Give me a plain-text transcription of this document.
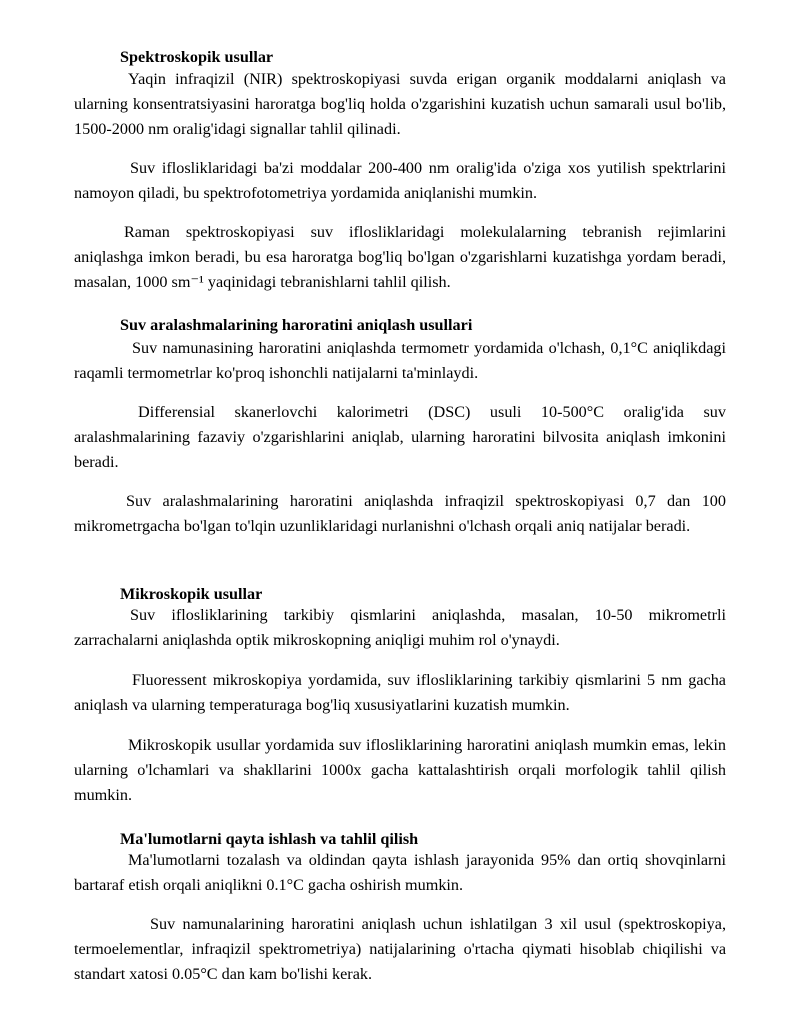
Spektroskopik usullar
Yaqin infraqizil (NIR) spektroskopiyasi suvda erigan organik moddalarni aniqlash va ularning konsentratsiyasini haroratga bog'liq holda o'zgarishini kuzatish uchun samarali usul bo'lib, 1500-2000 nm oralig'idagi signallar tahlil qilinadi.
Suv iflosliklaridagi ba'zi moddalar 200-400 nm oralig'ida o'ziga xos yutilish spektrlarini namoyon qiladi, bu spektrofotometriya yordamida aniqlanishi mumkin.
Raman spektroskopiyasi suv iflosliklaridagi molekulalarning tebranish rejimlarini aniqlashga imkon beradi, bu esa haroratga bog'liq bo'lgan o'zgarishlarni kuzatishga yordam beradi, masalan, 1000 sm⁻¹ yaqinidagi tebranishlarni tahlil qilish.
Suv aralashmalarining haroratini aniqlash usullari
Suv namunasining haroratini aniqlashda termometr yordamida o'lchash, 0,1°C aniqlikdagi raqamli termometrlar ko'proq ishonchli natijalarni ta'minlaydi.
Differensial skanerlovchi kalorimetri (DSC) usuli 10-500°C oralig'ida suv aralashmalarining fazaviy o'zgarishlarini aniqlab, ularning haroratini bilvosita aniqlash imkonini beradi.
Suv aralashmalarining haroratini aniqlashda infraqizil spektroskopiyasi 0,7 dan 100 mikrometrgacha bo'lgan to'lqin uzunliklaridagi nurlanishni o'lchash orqali aniq natijalar beradi.
Mikroskopik usullar
Suv iflosliklarining tarkibiy qismlarini aniqlashda, masalan, 10-50 mikrometrli zarrachalarni aniqlashda optik mikroskopning aniqligi muhim rol o'ynaydi.
Fluoressent mikroskopiya yordamida, suv iflosliklarining tarkibiy qismlarini 5 nm gacha aniqlash va ularning temperaturaga bog'liq xususiyatlarini kuzatish mumkin.
Mikroskopik usullar yordamida suv iflosliklarining haroratini aniqlash mumkin emas, lekin ularning o'lchamlari va shakllarini 1000x gacha kattalashtirish orqali morfologik tahlil qilish mumkin.
Ma'lumotlarni qayta ishlash va tahlil qilish
Ma'lumotlarni tozalash va oldindan qayta ishlash jarayonida 95% dan ortiq shovqinlarni bartaraf etish orqali aniqlikni 0.1°C gacha oshirish mumkin.
Suv namunalarining haroratini aniqlash uchun ishlatilgan 3 xil usul (spektroskopiya, termoelementlar, infraqizil spektrometriya) natijalarining o'rtacha qiymati hisoblab chiqilishi va standart xatosi 0.05°C dan kam bo'lishi kerak.
